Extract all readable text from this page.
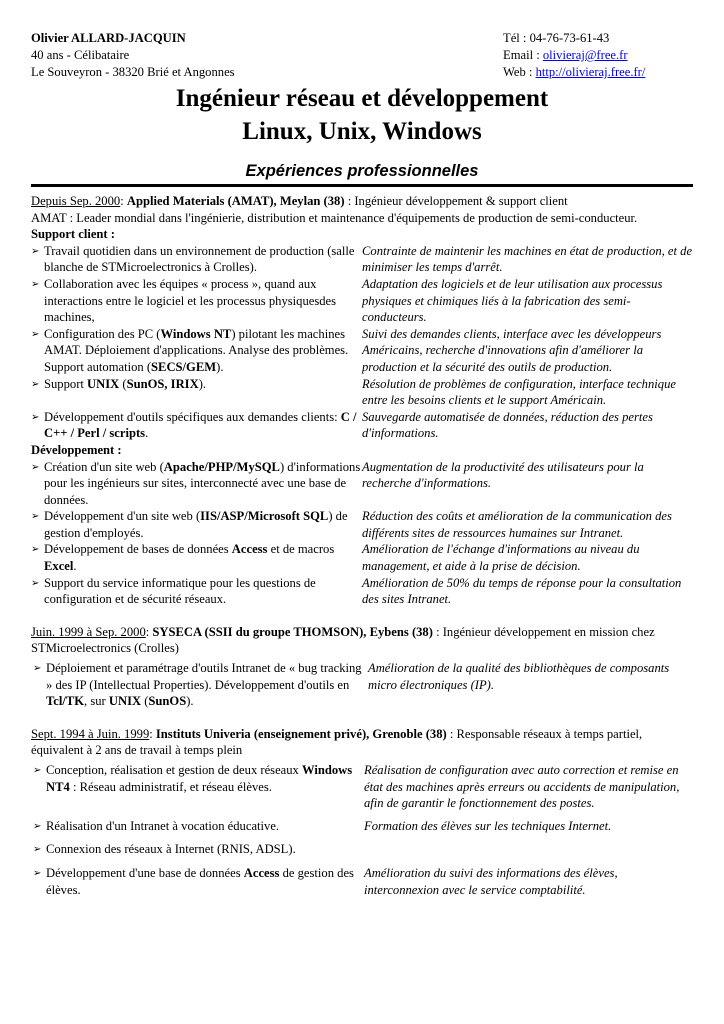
Olivier ALLARD-JACQUIN
40 ans - Célibataire
Le Souveyron - 38320 Brié et Angonnes
Tél : 04-76-73-61-43
Email : olivieraj@free.fr
Web : http://olivieraj.free.fr/
Ingénieur réseau et développement
Linux, Unix, Windows
Expériences professionnelles
Depuis Sep. 2000: Applied Materials (AMAT), Meylan (38) : Ingénieur développement & support client
AMAT : Leader mondial dans l'ingénierie, distribution et maintenance d'équipements de production de semi-conducteur.
Support client :
➢ Travail quotidien dans un environnement de production (salle blanche de STMicroelectronics à Crolles).
Contrainte de maintenir les machines en état de production, et de minimiser les temps d'arrêt.
➢ Collaboration avec les équipes « process », quand aux interactions entre le logiciel et les processus physiquesdes machines,
Adaptation des logiciels et de leur utilisation aux processus physiques et chimiques liés à la fabrication des semi-conducteurs.
➢ Configuration des PC (Windows NT) pilotant les machines AMAT. Déploiement d'applications. Analyse des problèmes. Support automation (SECS/GEM).
Suivi des demandes clients, interface avec les développeurs Américains, recherche d'innovations afin d'améliorer la production et la sécurité des outils de production.
➢ Support UNIX (SunOS, IRIX).	Résolution de problèmes de configuration, interface technique entre les besoins clients et le support Américain.
➢ Développement d'outils spécifiques aux demandes clients: C / C++ / Perl / scripts.
Sauvegarde automatisée de données, réduction des pertes d'informations.
Développement :
➢ Création d'un site web (Apache/PHP/MySQL) d'informations pour les ingénieurs sur sites, interconnecté avec une base de données.
Augmentation de la productivité des utilisateurs pour la recherche d'informations.
➢ Développement d'un site web (IIS/ASP/Microsoft SQL) de gestion d'employés.
Réduction des coûts et amélioration de la communication des différents sites de ressources humaines sur Intranet.
➢ Développement de bases de données Access et de macros Excel.
Amélioration de l'échange d'informations au niveau du management, et aide à la prise de décision.
➢ Support du service informatique pour les questions de configuration et de sécurité réseaux.
Amélioration de 50% du temps de réponse pour la consultation des sites Intranet.
Juin. 1999 à Sep. 2000: SYSECA (SSII du groupe THOMSON), Eybens (38) : Ingénieur développement en mission chez STMicroelectronics (Crolles)
➢ Déploiement et paramétrage d'outils Intranet de « bug tracking » des IP (Intellectual Properties). Développement d'outils en Tcl/TK, sur UNIX (SunOS).
Amélioration de la qualité des bibliothèques de composants micro électroniques (IP).
Sept. 1994 à Juin. 1999: Instituts Univeria (enseignement privé), Grenoble (38) : Responsable réseaux à temps partiel, équivalent à 2 ans de travail à temps plein
➢ Conception, réalisation et gestion de deux réseaux Windows NT4 : Réseau administratif, et réseau élèves.
Réalisation de configuration avec auto correction et remise en état des machines après erreurs ou accidents de manipulation, afin de garantir le fonctionnement des postes.
➢ Réalisation d'un Intranet à vocation éducative.	Formation des élèves sur les techniques Internet.
➢ Connexion des réseaux à Internet (RNIS, ADSL).
➢ Développement d'une base de données Access de gestion des élèves.
Amélioration du suivi des informations des élèves, interconnexion avec le service comptabilité.
